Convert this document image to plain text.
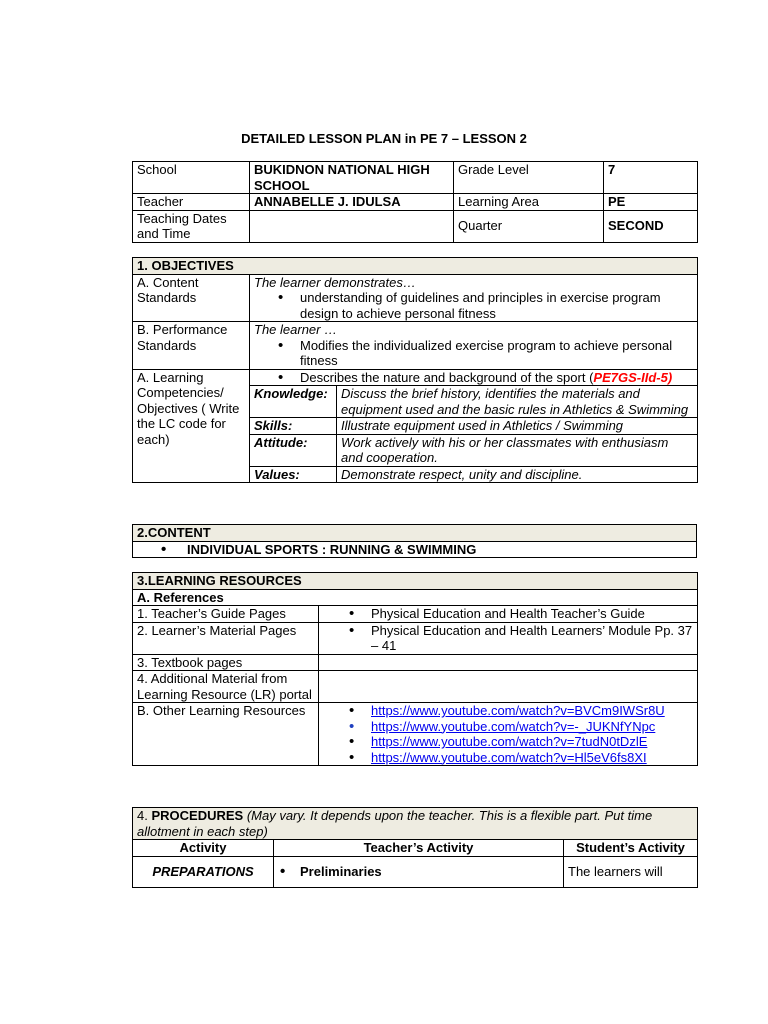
DETAILED LESSON PLAN in PE 7 – LESSON 2
School	BUKIDNON NATIONAL HIGH SCHOOL	Grade Level	7
Teacher	ANNABELLE J. IDULSA	Learning Area	PE
Teaching Dates and Time		Quarter	SECOND
1. OBJECTIVES		
A. Content Standards	The learner demonstrates…
• understanding of guidelines and principles in exercise program design to achieve personal fitness

B. Performance Standards	The learner …
• Modifies the individualized exercise program to achieve personal fitness

A. Learning Competencies/ Objectives ( Write the LC code for each)	• Describes the nature and background of the sport (PE7GS-IId-5)

	Knowledge:	Discuss the brief history, identifies the materials and equipment used and the basic rules in Athletics & Swimming
	Skills:	Illustrate equipment used in Athletics / Swimming
	Attitude:	Work actively with his or her classmates with enthusiasm and cooperation.
	Values:	Demonstrate respect, unity and discipline.
2.CONTENT

• INDIVIDUAL SPORTS : RUNNING & SWIMMING
3.LEARNING RESOURCES	
A. References	
1. Teacher’s Guide Pages	• Physical Education and Health Teacher’s Guide

2. Learner’s Material Pages	• Physical Education and Health Learners’ Module Pp. 37 – 41

3. Textbook pages	
4. Additional Material from Learning Resource (LR) portal	
B. Other Learning Resources	• https://www.youtube.com/watch?v=BVCm9IWSr8U
• https://www.youtube.com/watch?v=-_JUKNfYNpc
• https://www.youtube.com/watch?v=7tudN0tDzlE
• https://www.youtube.com/watch?v=Hl5eV6fs8XI
4. PROCEDURES (May vary. It depends upon the teacher. This is a flexible part. Put time allotment in each step)		
Activity	Teacher’s Activity	Student’s Activity
PREPARATIONS	• Preliminaries	The learners will
